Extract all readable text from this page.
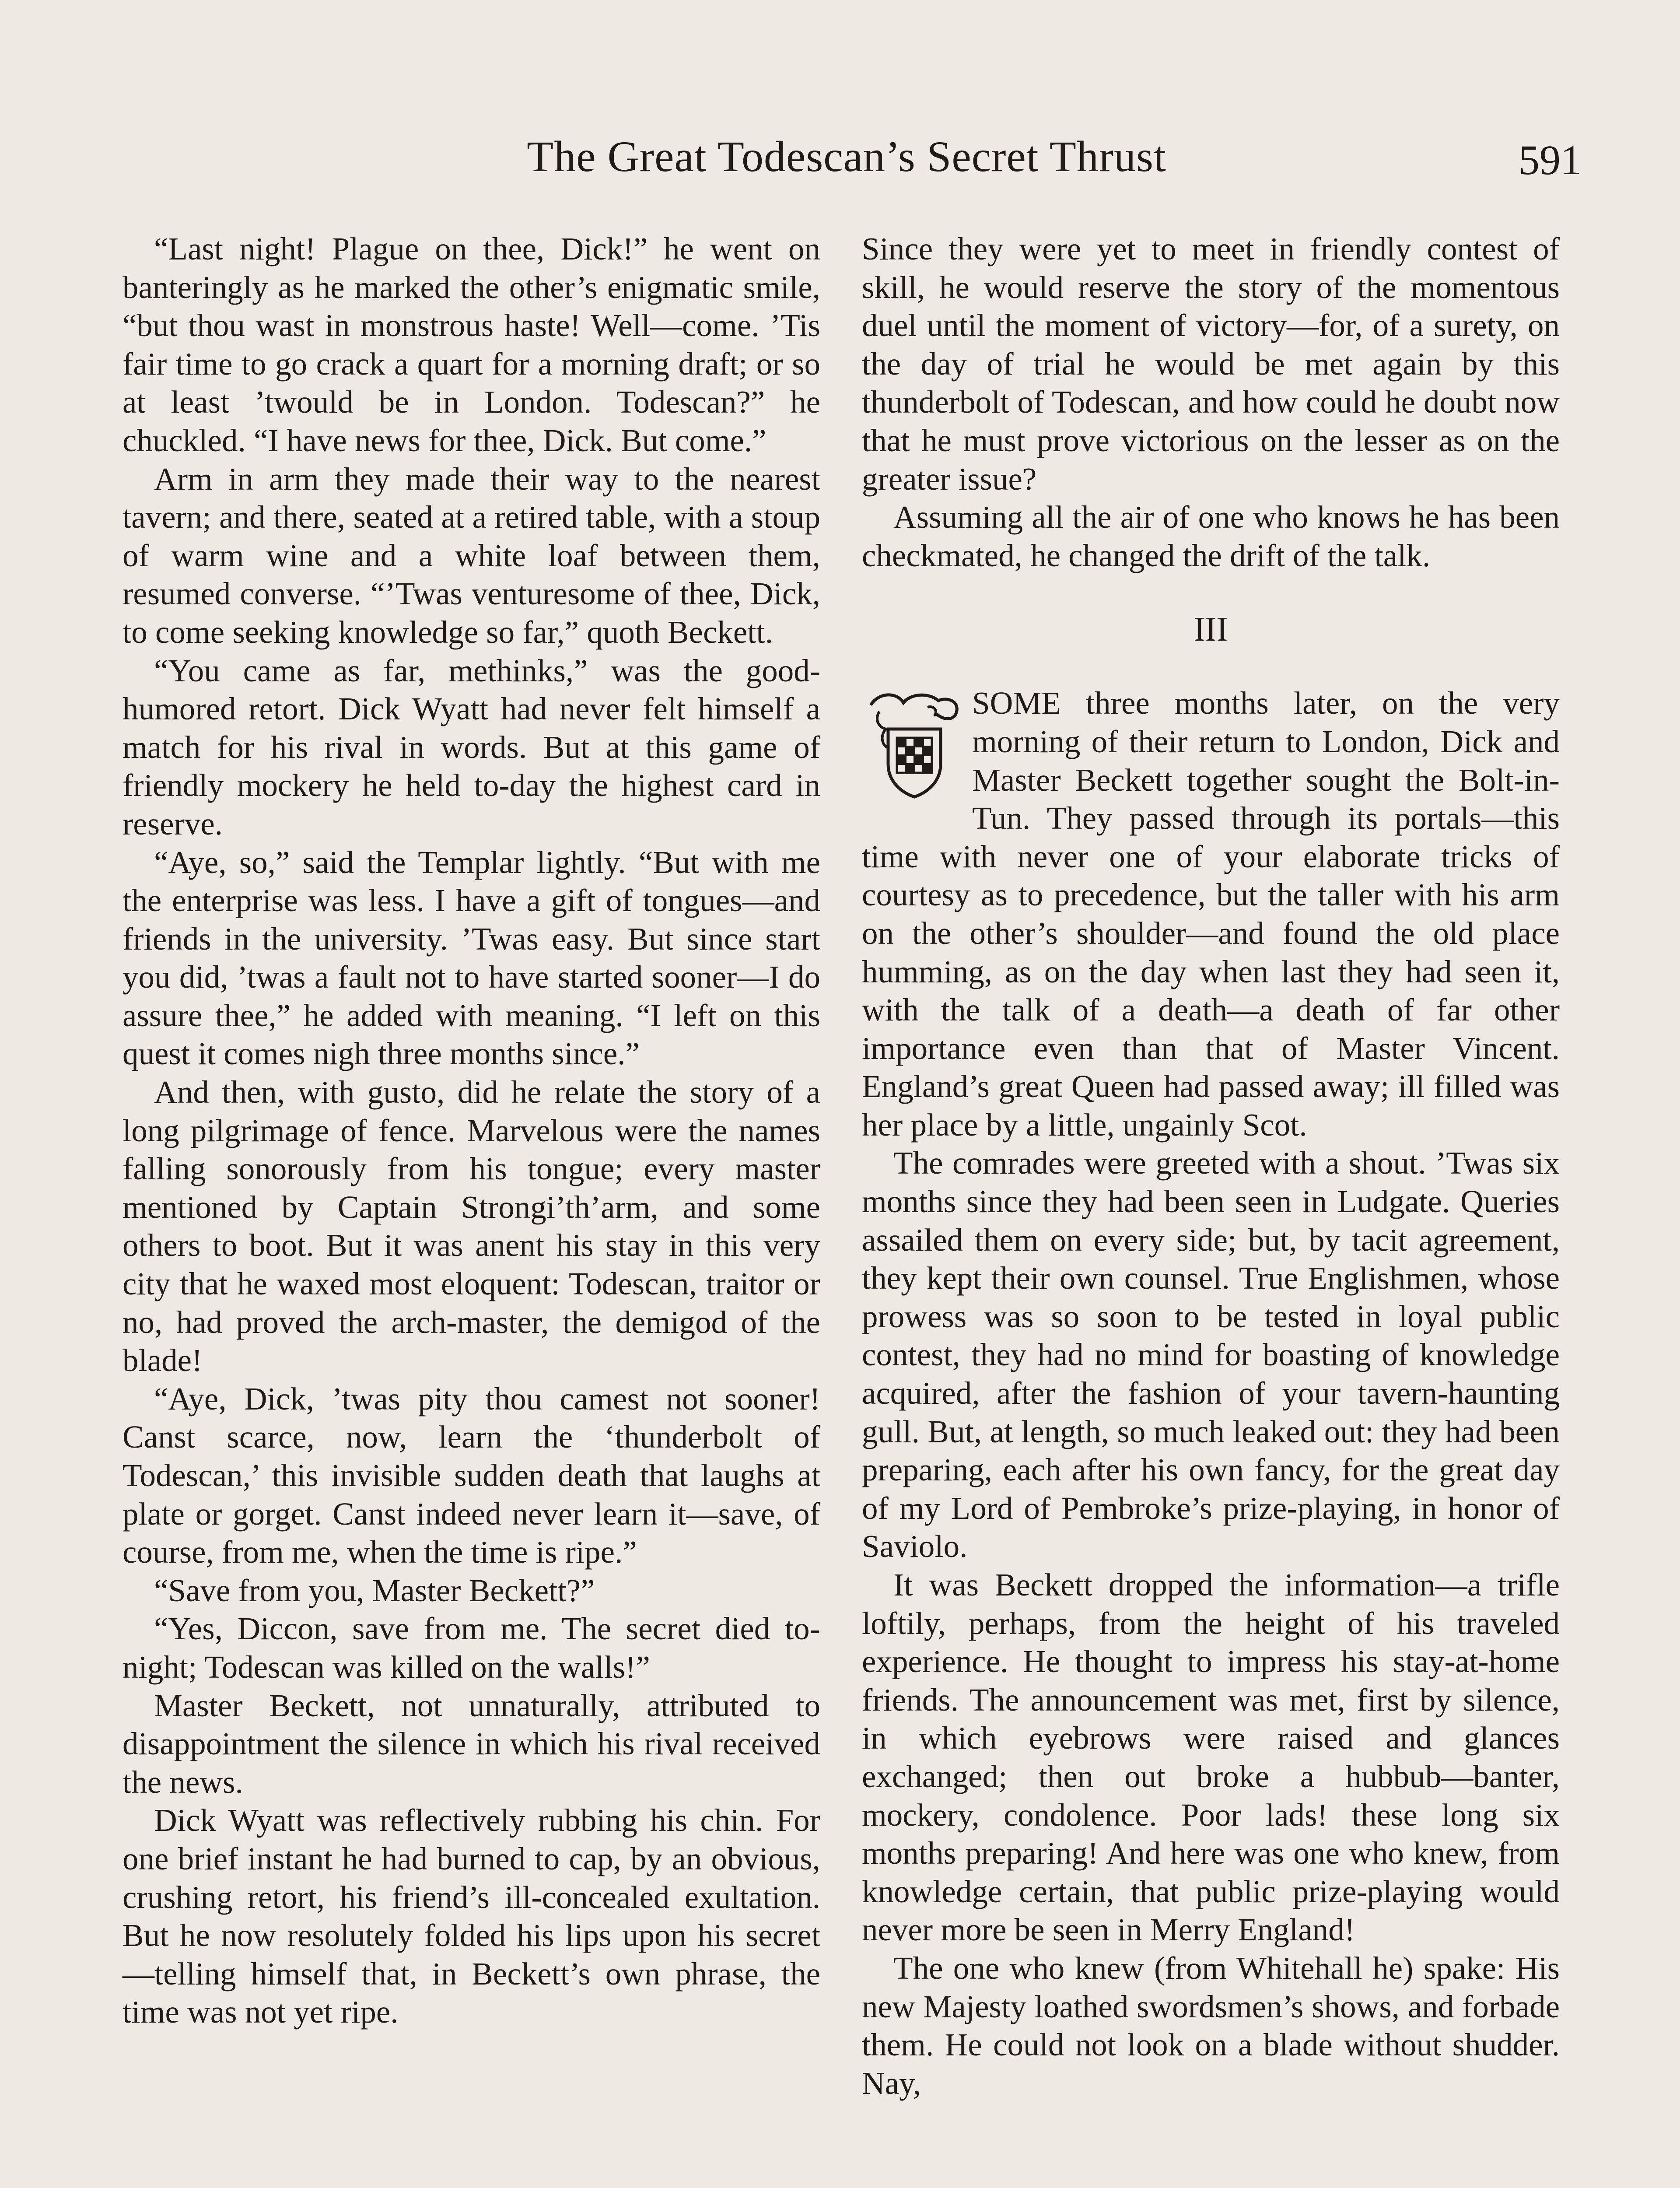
The Great Todescan’s Secret Thrust	591

“Last night! Plague on thee, Dick!” he went on banteringly as he marked the other’s enigmatic smile, “but thou wast in monstrous haste! Well—come. ’Tis fair time to go crack a quart for a morning draft; or so at least ’twould be in London. Todescan?” he chuckled. “I have news for thee, Dick. But come.”

Arm in arm they made their way to the nearest tavern; and there, seated at a retired table, with a stoup of warm wine and a white loaf between them, resumed converse. “’Twas venturesome of thee, Dick, to come seeking knowledge so far,” quoth Beckett.

“You came as far, methinks,” was the good-humored retort. Dick Wyatt had never felt himself a match for his rival in words. But at this game of friendly mockery he held to-day the highest card in reserve.

“Aye, so,” said the Templar lightly. “But with me the enterprise was less. I have a gift of tongues—and friends in the university. ’Twas easy. But since start you did, ’twas a fault not to have started sooner—I do assure thee,” he added with meaning. “I left on this quest it comes nigh three months since.”

And then, with gusto, did he relate the story of a long pilgrimage of fence. Marvelous were the names falling sonorously from his tongue; every master mentioned by Captain Strongi’th’arm, and some others to boot. But it was anent his stay in this very city that he waxed most eloquent: Todescan, traitor or no, had proved the arch-master, the demigod of the blade!

“Aye, Dick, ’twas pity thou camest not sooner! Canst scarce, now, learn the ‘thunderbolt of Todescan,’ this invisible sudden death that laughs at plate or gorget. Canst indeed never learn it—save, of course, from me, when the time is ripe.”

“Save from you, Master Beckett?”

“Yes, Diccon, save from me. The secret died to-night; Todescan was killed on the walls!”

Master Beckett, not unnaturally, attributed to disappointment the silence in which his rival received the news.

Dick Wyatt was reflectively rubbing his chin. For one brief instant he had burned to cap, by an obvious, crushing retort, his friend’s ill-concealed exultation. But he now resolutely folded his lips upon his secret—telling himself that, in Beckett’s own phrase, the time was not yet ripe.

Since they were yet to meet in friendly contest of skill, he would reserve the story of the momentous duel until the moment of victory—for, of a surety, on the day of trial he would be met again by this thunderbolt of Todescan, and how could he doubt now that he must prove victorious on the lesser as on the greater issue?

Assuming all the air of one who knows he has been checkmated, he changed the drift of the talk.

III

SOME three months later, on the very morning of their return to London, Dick and Master Beckett together sought the Bolt-in-Tun. They passed through its portals—this time with never one of your elaborate tricks of courtesy as to precedence, but the taller with his arm on the other’s shoulder—and found the old place humming, as on the day when last they had seen it, with the talk of a death—a death of far other importance even than that of Master Vincent. England’s great Queen had passed away; ill filled was her place by a little, ungainly Scot.

The comrades were greeted with a shout. ’Twas six months since they had been seen in Ludgate. Queries assailed them on every side; but, by tacit agreement, they kept their own counsel. True Englishmen, whose prowess was so soon to be tested in loyal public contest, they had no mind for boasting of knowledge acquired, after the fashion of your tavern-haunting gull. But, at length, so much leaked out: they had been preparing, each after his own fancy, for the great day of my Lord of Pembroke’s prize-playing, in honor of Saviolo.

It was Beckett dropped the information—a trifle loftily, perhaps, from the height of his traveled experience. He thought to impress his stay-at-home friends. The announcement was met, first by silence, in which eyebrows were raised and glances exchanged; then out broke a hubbub—banter, mockery, condolence. Poor lads! these long six months preparing! And here was one who knew, from knowledge certain, that public prize-playing would never more be seen in Merry England!

The one who knew (from Whitehall he) spake: His new Majesty loathed swordsmen’s shows, and forbade them. He could not look on a blade without shudder. Nay,
